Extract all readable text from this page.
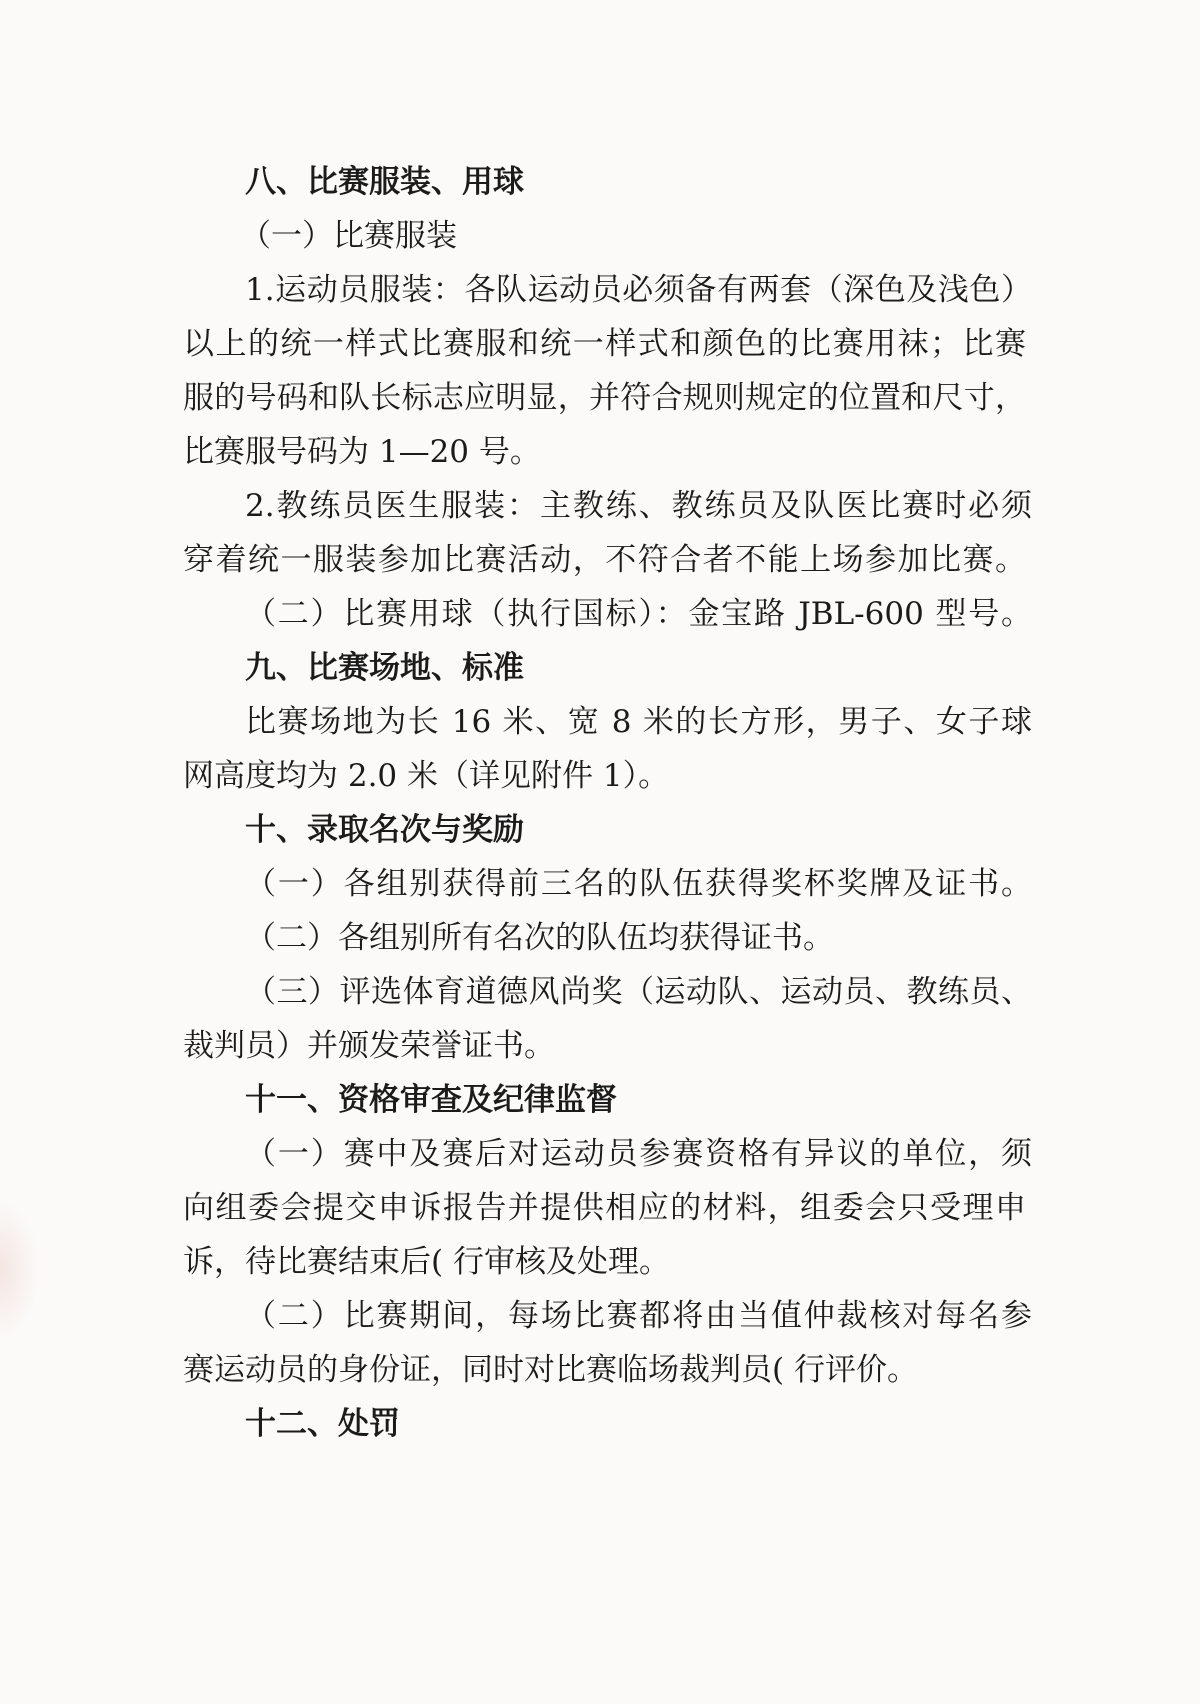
八、比赛服装、用球
（一）比赛服装
1.运动员服装：各队运动员必须备有两套（深色及浅色）
以上的统一样式比赛服和统一样式和颜色的比赛用袜；比赛
服的号码和队长标志应明显，并符合规则规定的位置和尺寸，
比赛服号码为 1—20 号。
2.教练员医生服装：主教练、教练员及队医比赛时必须
穿着统一服装参加比赛活动，不符合者不能上场参加比赛。
（二）比赛用球（执行国标）：金宝路 JBL-600 型号。
九、比赛场地、标准
比赛场地为长 16 米、宽 8 米的长方形，男子、女子球
网高度均为 2.0 米（详见附件 1）。
十、录取名次与奖励
（一）各组别获得前三名的队伍获得奖杯奖牌及证书。
（二）各组别所有名次的队伍均获得证书。
（三）评选体育道德风尚奖（运动队、运动员、教练员、
裁判员）并颁发荣誉证书。
十一、资格审查及纪律监督
（一）赛中及赛后对运动员参赛资格有异议的单位，须
向组委会提交申诉报告并提供相应的材料，组委会只受理申
诉，待比赛结束后( 行审核及处理。
（二）比赛期间，每场比赛都将由当值仲裁核对每名参
赛运动员的身份证，同时对比赛临场裁判员( 行评价。
十二、处罚
